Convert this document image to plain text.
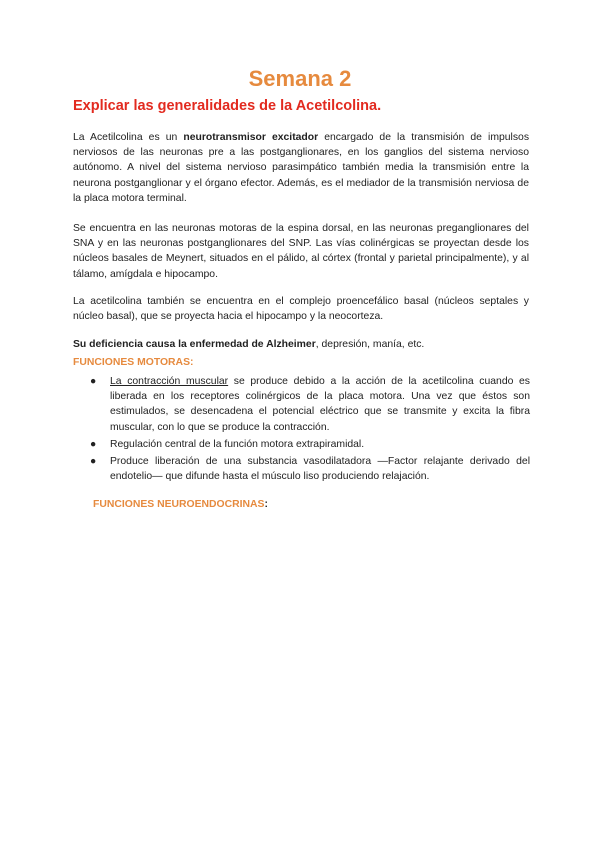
Semana 2
Explicar las generalidades de la Acetilcolina.
La Acetilcolina es un neurotransmisor excitador encargado de la transmisión de impulsos nerviosos de las neuronas pre a las postganglionares, en los ganglios del sistema nervioso autónomo. A nivel del sistema nervioso parasimpático también media la transmisión entre la neurona postganglionar y el órgano efector. Además, es el mediador de la transmisión nerviosa de la placa motora terminal.
Se encuentra en las neuronas motoras de la espina dorsal, en las neuronas preganglionares del SNA y en las neuronas postganglionares del SNP. Las vías colinérgicas se proyectan desde los núcleos basales de Meynert, situados en el pálido, al córtex (frontal y parietal principalmente), y al tálamo, amígdala e hipocampo.
La acetilcolina también se encuentra en el complejo proencefálico basal (núcleos septales y núcleo basal), que se proyecta hacia el hipocampo y la neocorteza.
Su deficiencia causa la enfermedad de Alzheimer, depresión, manía, etc.
FUNCIONES MOTORAS:
● La contracción muscular se produce debido a la acción de la acetilcolina cuando es liberada en los receptores colinérgicos de la placa motora. Una vez que éstos son estimulados, se desencadena el potencial eléctrico que se transmite y excita la fibra muscular, con lo que se produce la contracción.
● Regulación central de la función motora extrapiramidal.
● Produce liberación de una substancia vasodilatadora —Factor relajante derivado del endotelio— que difunde hasta el músculo liso produciendo relajación.
FUNCIONES NEUROENDOCRINAS:
